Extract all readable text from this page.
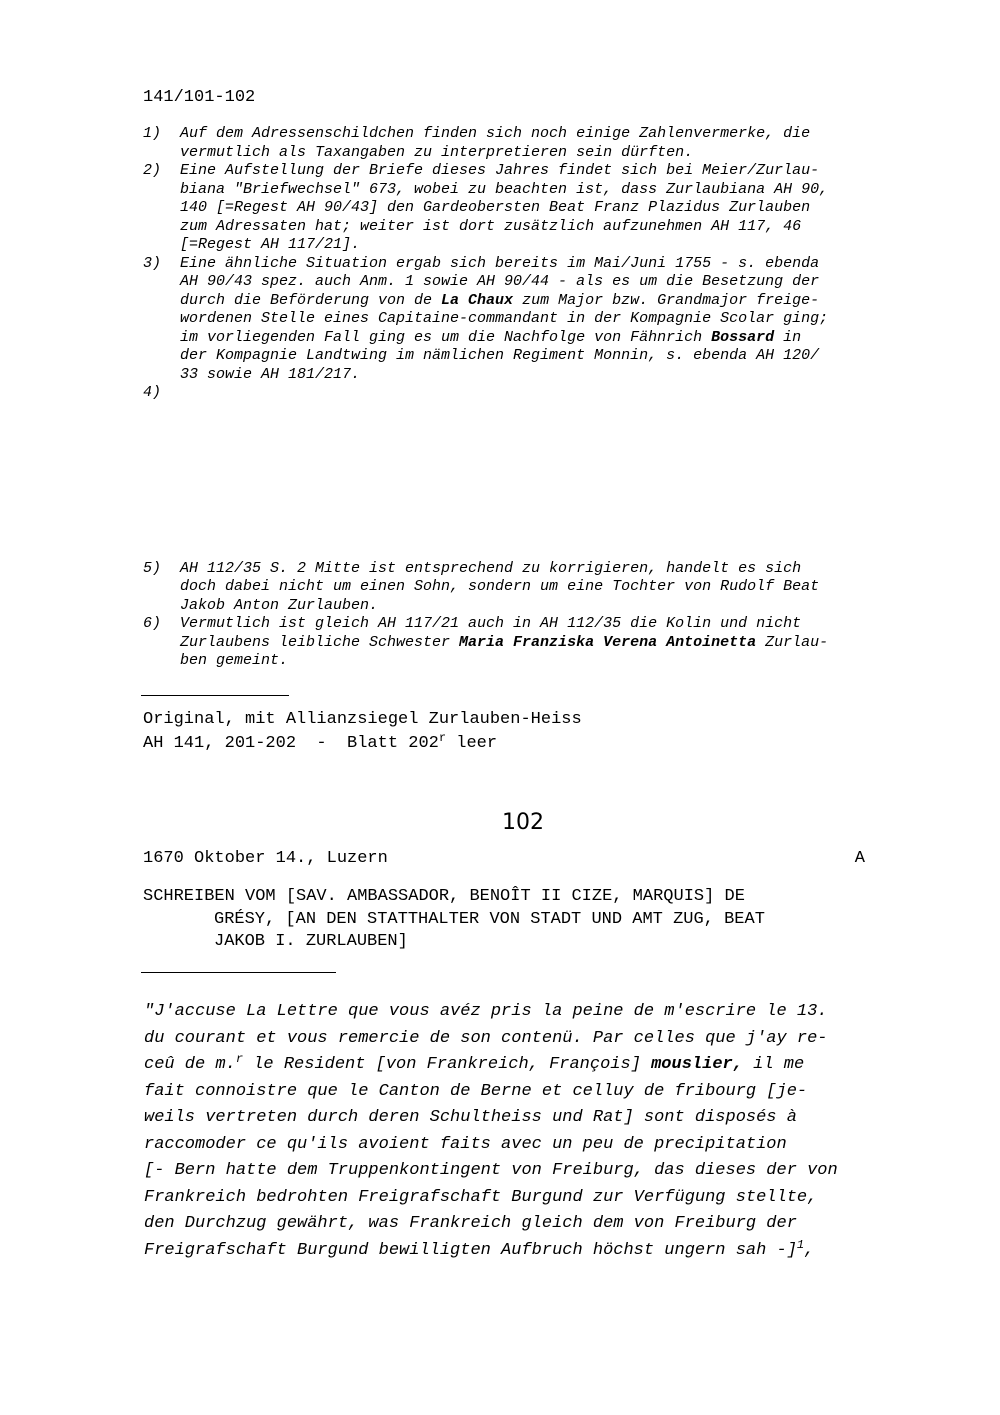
141/101-102
1) Auf dem Adressenschildchen finden sich noch einige Zahlenvermerke, die
vermutlich als Taxangaben zu interpretieren sein dürften.
2) Eine Aufstellung der Briefe dieses Jahres findet sich bei Meier/Zurlau-
biana "Briefwechsel" 673, wobei zu beachten ist, dass Zurlaubiana AH 90,
140 [=Regest AH 90/43] den Gardeobersten Beat Franz Plazidus Zurlauben
zum Adressaten hat; weiter ist dort zusätzlich aufzunehmen AH 117, 46
[=Regest AH 117/21].
3) Eine ähnliche Situation ergab sich bereits im Mai/Juni 1755 - s. ebenda
AH 90/43 spez. auch Anm. 1 sowie AH 90/44 - als es um die Besetzung der
durch die Beförderung von de La Chaux zum Major bzw. Grandmajor freige-
wordenen Stelle eines Capitaine-commandant in der Kompagnie Scolar ging;
im vorliegenden Fall ging es um die Nachfolge von Fähnrich Bossard in
der Kompagnie Landtwing im nämlichen Regiment Monnin, s. ebenda AH 120/
33 sowie AH 181/217.
4)

5) AH 112/35 S. 2 Mitte ist entsprechend zu korrigieren, handelt es sich
doch dabei nicht um einen Sohn, sondern um eine Tochter von Rudolf Beat
Jakob Anton Zurlauben.
6) Vermutlich ist gleich AH 117/21 auch in AH 112/35 die Kolin und nicht
Zurlaubens leibliche Schwester Maria Franziska Verena Antoinetta Zurlau-
ben gemeint.
Original, mit Allianzsiegel Zurlauben-Heiss
AH 141, 201-202  -  Blatt 202$^r$ leer
102
1670 Oktober 14., Luzern	A
SCHREIBEN VOM [SAV. AMBASSADOR, BENOÎT II CIZE, MARQUIS] DE
GRÉSY, [AN DEN STATTHALTER VON STADT UND AMT ZUG, BEAT
JAKOB I. ZURLAUBEN]
"J'accuse La Lettre que vous avéz pris la peine de m'escrire le 13.
du courant et vous remercie de son contenü. Par celles que j'ay re-
ceû de m.$^r$ le Resident [von Frankreich, François] mouslier, il me
fait connoistre que le Canton de Berne et celluy de fribourg [je-
weils vertreten durch deren Schultheiss und Rat] sont disposés à
raccomoder ce qu'ils avoient faits avec un peu de precipitation
[- Bern hatte dem Truppenkontingent von Freiburg, das dieses der von
Frankreich bedrohten Freigrafschaft Burgund zur Verfügung stellte,
den Durchzug gewährt, was Frankreich gleich dem von Freiburg der
Freigrafschaft Burgund bewilligten Aufbruch höchst ungern sah -]$^1$,
